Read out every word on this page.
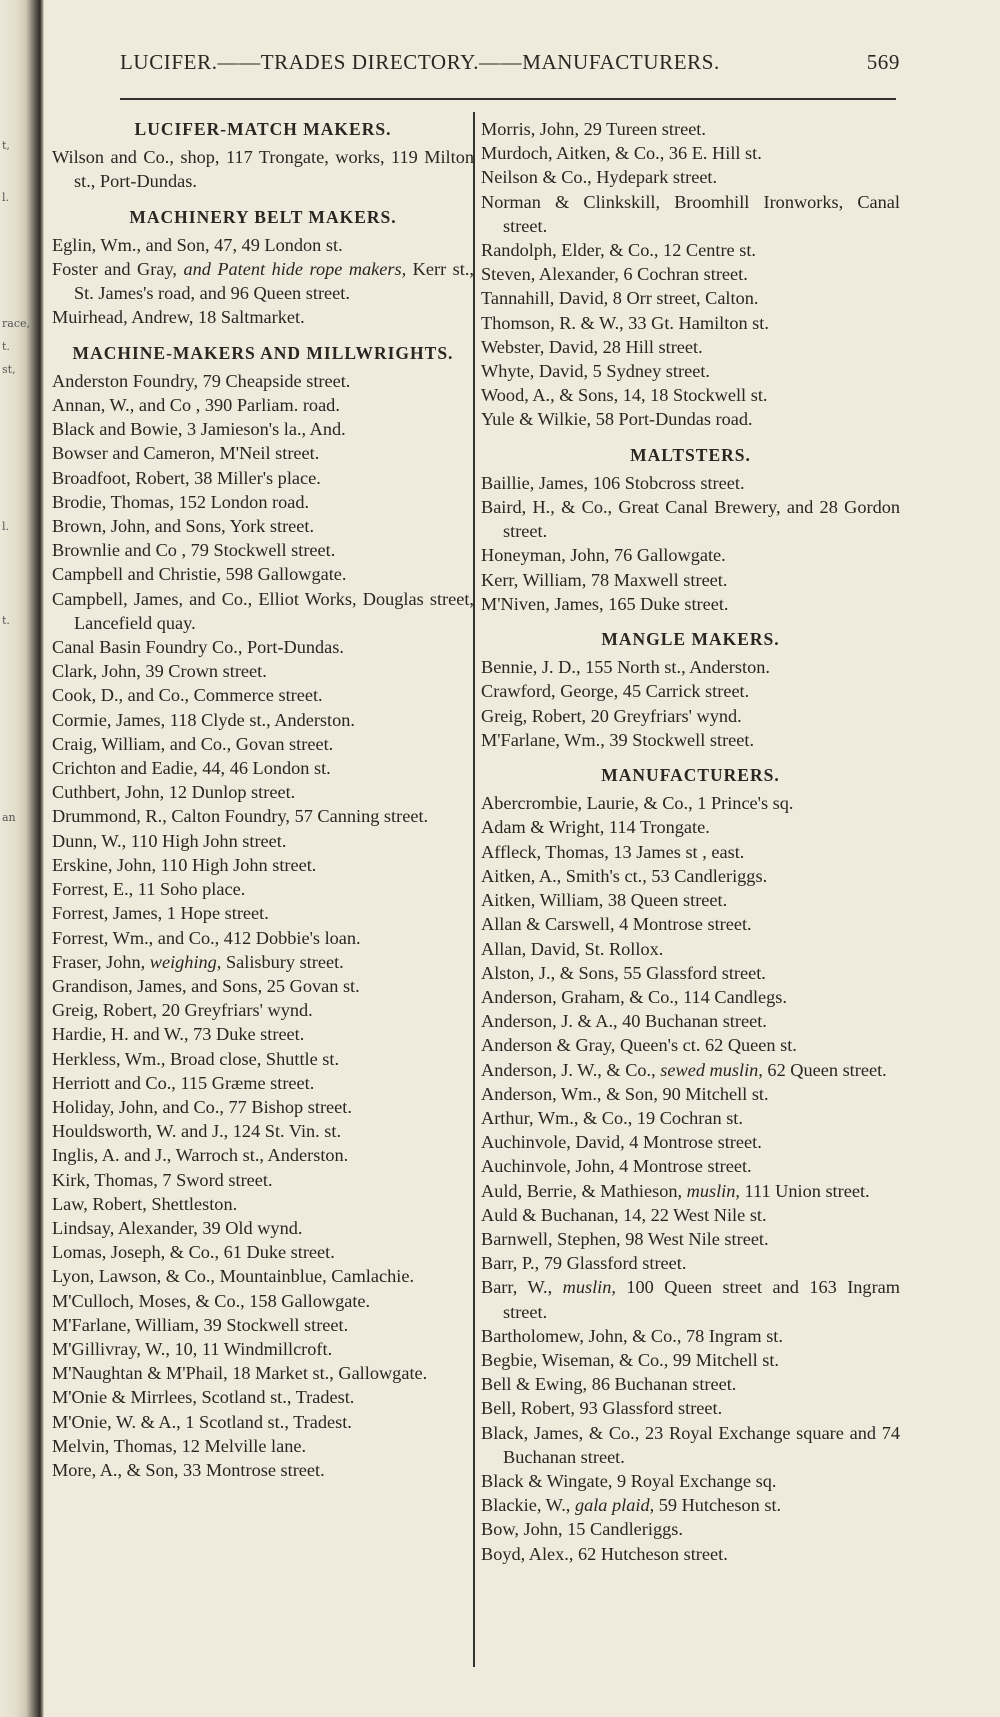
t,
l.
race,
t.
st,
l.
t.
an
LUCIFER.——TRADES DIRECTORY.——MANUFACTURERS.	569
LUCIFER-MATCH MAKERS.
Wilson and Co., shop, 117 Trongate, works, 119 Milton st., Port-Dundas.
MACHINERY BELT MAKERS.
Eglin, Wm., and Son, 47, 49 London st.
Foster and Gray, and Patent hide rope makers, Kerr st., St. James's road, and 96 Queen street.
Muirhead, Andrew, 18 Saltmarket.
MACHINE-MAKERS AND MILLWRIGHTS.
Anderston Foundry, 79 Cheapside street.
Annan, W., and Co , 390 Parliam. road.
Black and Bowie, 3 Jamieson's la., And.
Bowser and Cameron, M'Neil street.
Broadfoot, Robert, 38 Miller's place.
Brodie, Thomas, 152 London road.
Brown, John, and Sons, York street.
Brownlie and Co , 79 Stockwell street.
Campbell and Christie, 598 Gallowgate.
Campbell, James, and Co., Elliot Works, Douglas street, Lancefield quay.
Canal Basin Foundry Co., Port-Dundas.
Clark, John, 39 Crown street.
Cook, D., and Co., Commerce street.
Cormie, James, 118 Clyde st., Anderston.
Craig, William, and Co., Govan street.
Crichton and Eadie, 44, 46 London st.
Cuthbert, John, 12 Dunlop street.
Drummond, R., Calton Foundry, 57 Canning street.
Dunn, W., 110 High John street.
Erskine, John, 110 High John street.
Forrest, E., 11 Soho place.
Forrest, James, 1 Hope street.
Forrest, Wm., and Co., 412 Dobbie's loan.
Fraser, John, weighing, Salisbury street.
Grandison, James, and Sons, 25 Govan st.
Greig, Robert, 20 Greyfriars' wynd.
Hardie, H. and W., 73 Duke street.
Herkless, Wm., Broad close, Shuttle st.
Herriott and Co., 115 Græme street.
Holiday, John, and Co., 77 Bishop street.
Houldsworth, W. and J., 124 St. Vin. st.
Inglis, A. and J., Warroch st., Anderston.
Kirk, Thomas, 7 Sword street.
Law, Robert, Shettleston.
Lindsay, Alexander, 39 Old wynd.
Lomas, Joseph, & Co., 61 Duke street.
Lyon, Lawson, & Co., Mountainblue, Camlachie.
M'Culloch, Moses, & Co., 158 Gallowgate.
M'Farlane, William, 39 Stockwell street.
M'Gillivray, W., 10, 11 Windmillcroft.
M'Naughtan & M'Phail, 18 Market st., Gallowgate.
M'Onie & Mirrlees, Scotland st., Tradest.
M'Onie, W. & A., 1 Scotland st., Tradest.
Melvin, Thomas, 12 Melville lane.
More, A., & Son, 33 Montrose street.
Morris, John, 29 Tureen street.
Murdoch, Aitken, & Co., 36 E. Hill st.
Neilson & Co., Hydepark street.
Norman & Clinkskill, Broomhill Ironworks, Canal street.
Randolph, Elder, & Co., 12 Centre st.
Steven, Alexander, 6 Cochran street.
Tannahill, David, 8 Orr street, Calton.
Thomson, R. & W., 33 Gt. Hamilton st.
Webster, David, 28 Hill street.
Whyte, David, 5 Sydney street.
Wood, A., & Sons, 14, 18 Stockwell st.
Yule & Wilkie, 58 Port-Dundas road.
MALTSTERS.
Baillie, James, 106 Stobcross street.
Baird, H., & Co., Great Canal Brewery, and 28 Gordon street.
Honeyman, John, 76 Gallowgate.
Kerr, William, 78 Maxwell street.
M'Niven, James, 165 Duke street.
MANGLE MAKERS.
Bennie, J. D., 155 North st., Anderston.
Crawford, George, 45 Carrick street.
Greig, Robert, 20 Greyfriars' wynd.
M'Farlane, Wm., 39 Stockwell street.
MANUFACTURERS.
Abercrombie, Laurie, & Co., 1 Prince's sq.
Adam & Wright, 114 Trongate.
Affleck, Thomas, 13 James st , east.
Aitken, A., Smith's ct., 53 Candleriggs.
Aitken, William, 38 Queen street.
Allan & Carswell, 4 Montrose street.
Allan, David, St. Rollox.
Alston, J., & Sons, 55 Glassford street.
Anderson, Graham, & Co., 114 Candlegs.
Anderson, J. & A., 40 Buchanan street.
Anderson & Gray, Queen's ct. 62 Queen st.
Anderson, J. W., & Co., sewed muslin, 62 Queen street.
Anderson, Wm., & Son, 90 Mitchell st.
Arthur, Wm., & Co., 19 Cochran st.
Auchinvole, David, 4 Montrose street.
Auchinvole, John, 4 Montrose street.
Auld, Berrie, & Mathieson, muslin, 111 Union street.
Auld & Buchanan, 14, 22 West Nile st.
Barnwell, Stephen, 98 West Nile street.
Barr, P., 79 Glassford street.
Barr, W., muslin, 100 Queen street and 163 Ingram street.
Bartholomew, John, & Co., 78 Ingram st.
Begbie, Wiseman, & Co., 99 Mitchell st.
Bell & Ewing, 86 Buchanan street.
Bell, Robert, 93 Glassford street.
Black, James, & Co., 23 Royal Exchange square and 74 Buchanan street.
Black & Wingate, 9 Royal Exchange sq.
Blackie, W., gala plaid, 59 Hutcheson st.
Bow, John, 15 Candleriggs.
Boyd, Alex., 62 Hutcheson street.
